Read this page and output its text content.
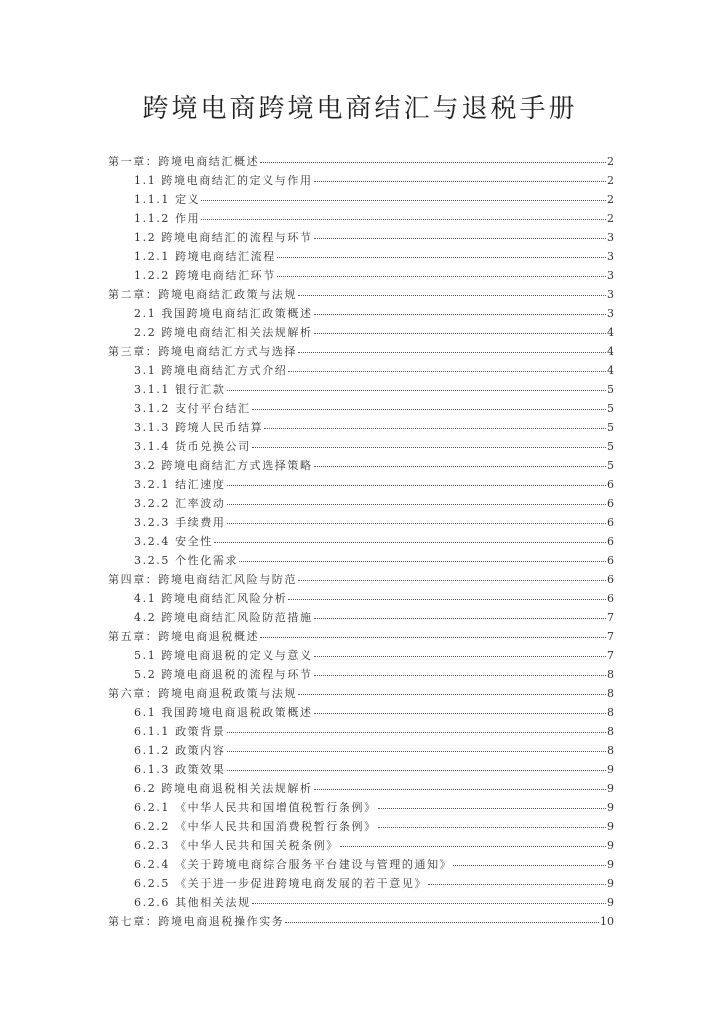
跨境电商跨境电商结汇与退税手册
第一章：跨境电商结汇概述	2
1.1 跨境电商结汇的定义与作用	2
1.1.1 定义	2
1.1.2 作用	2
1.2 跨境电商结汇的流程与环节	3
1.2.1 跨境电商结汇流程	3
1.2.2 跨境电商结汇环节	3
第二章：跨境电商结汇政策与法规	3
2.1 我国跨境电商结汇政策概述	3
2.2 跨境电商结汇相关法规解析	4
第三章：跨境电商结汇方式与选择	4
3.1 跨境电商结汇方式介绍	4
3.1.1 银行汇款	5
3.1.2 支付平台结汇	5
3.1.3 跨境人民币结算	5
3.1.4 货币兑换公司	5
3.2 跨境电商结汇方式选择策略	5
3.2.1 结汇速度	6
3.2.2 汇率波动	6
3.2.3 手续费用	6
3.2.4 安全性	6
3.2.5 个性化需求	6
第四章：跨境电商结汇风险与防范	6
4.1 跨境电商结汇风险分析	6
4.2 跨境电商结汇风险防范措施	7
第五章：跨境电商退税概述	7
5.1 跨境电商退税的定义与意义	7
5.2 跨境电商退税的流程与环节	8
第六章：跨境电商退税政策与法规	8
6.1 我国跨境电商退税政策概述	8
6.1.1 政策背景	8
6.1.2 政策内容	8
6.1.3 政策效果	9
6.2 跨境电商退税相关法规解析	9
6.2.1 《中华人民共和国增值税暂行条例》	9
6.2.2 《中华人民共和国消费税暂行条例》	9
6.2.3 《中华人民共和国关税条例》	9
6.2.4 《关于跨境电商综合服务平台建设与管理的通知》	9
6.2.5 《关于进一步促进跨境电商发展的若干意见》	9
6.2.6 其他相关法规	9
第七章：跨境电商退税操作实务	10
